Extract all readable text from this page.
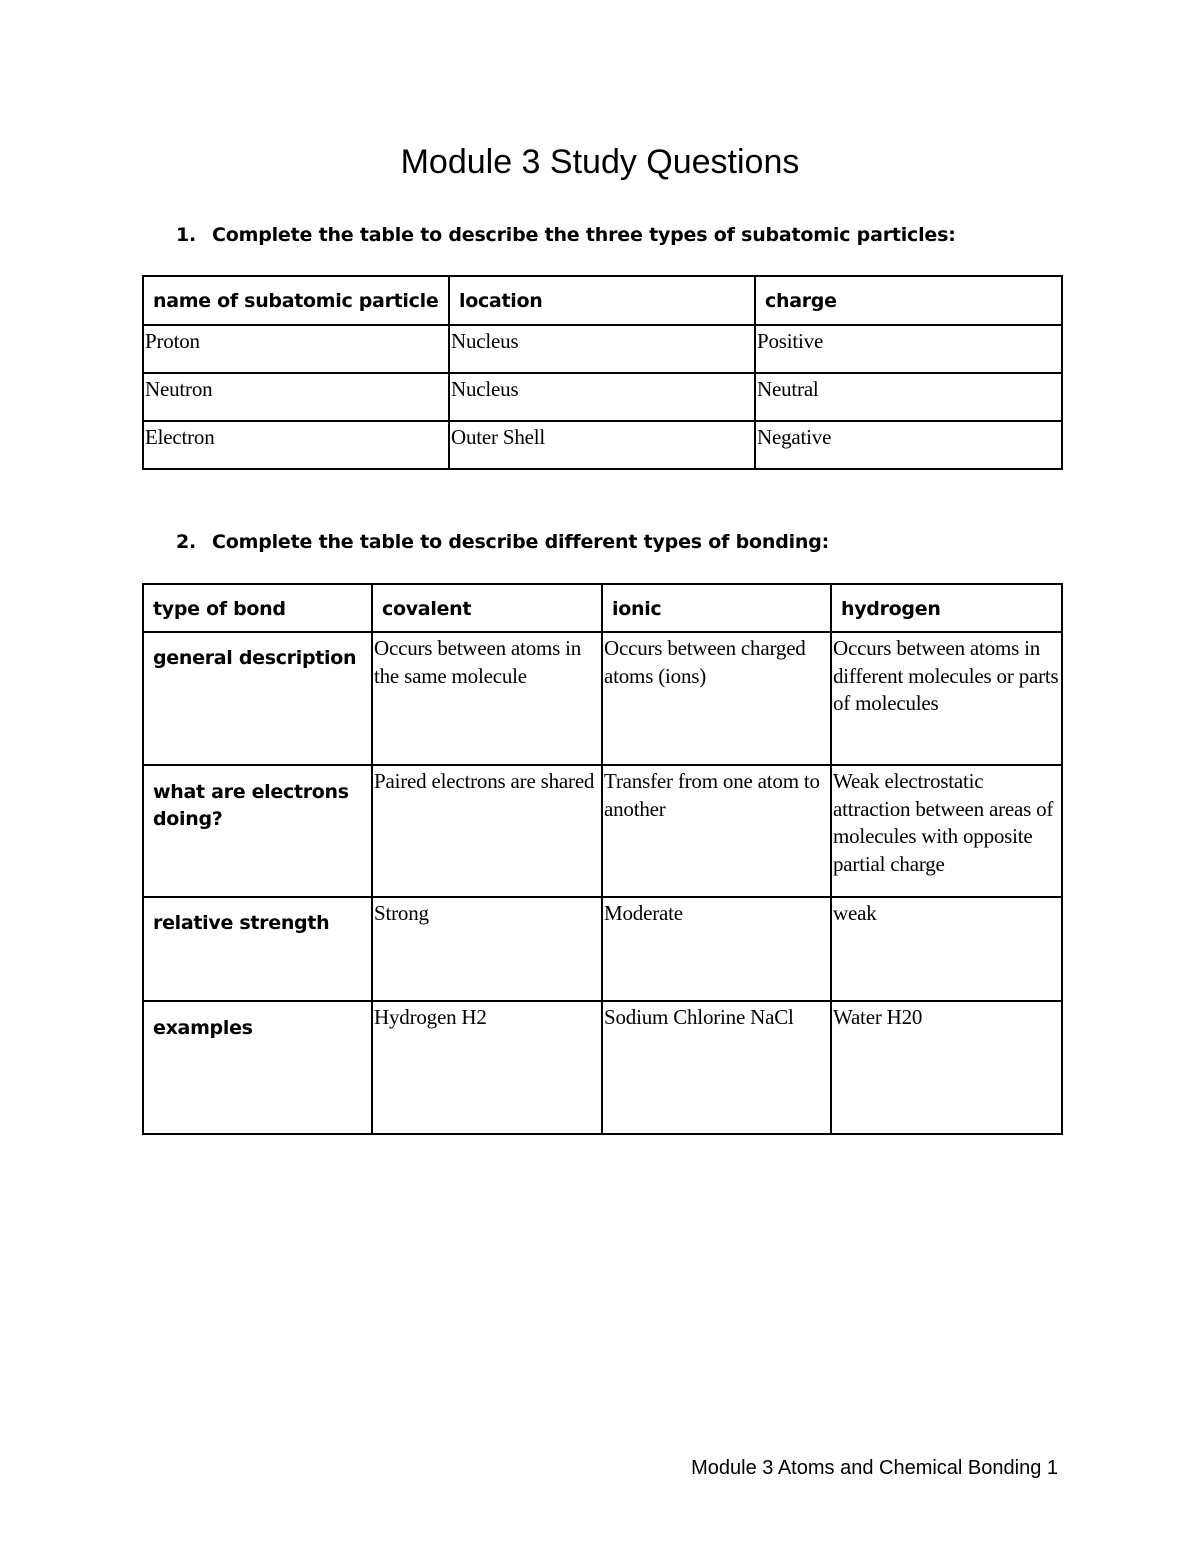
Module 3 Study Questions
1. Complete the table to describe the three types of subatomic particles:
name of subatomic particle	location	charge
Proton	Nucleus	Positive
Neutron	Nucleus	Neutral
Electron	Outer Shell	Negative
2. Complete the table to describe different types of bonding:
type of bond	covalent	ionic	hydrogen
general description	Occurs between atoms in the same molecule	Occurs between charged atoms (ions)	Occurs between atoms in different molecules or parts of molecules
what are electrons doing?	Paired electrons are shared	Transfer from one atom to another	Weak electrostatic attraction between areas of molecules with opposite partial charge
relative strength	Strong	Moderate	weak
examples	Hydrogen H2	Sodium Chlorine NaCl	Water H20
Module 3 Atoms and Chemical Bonding 1
